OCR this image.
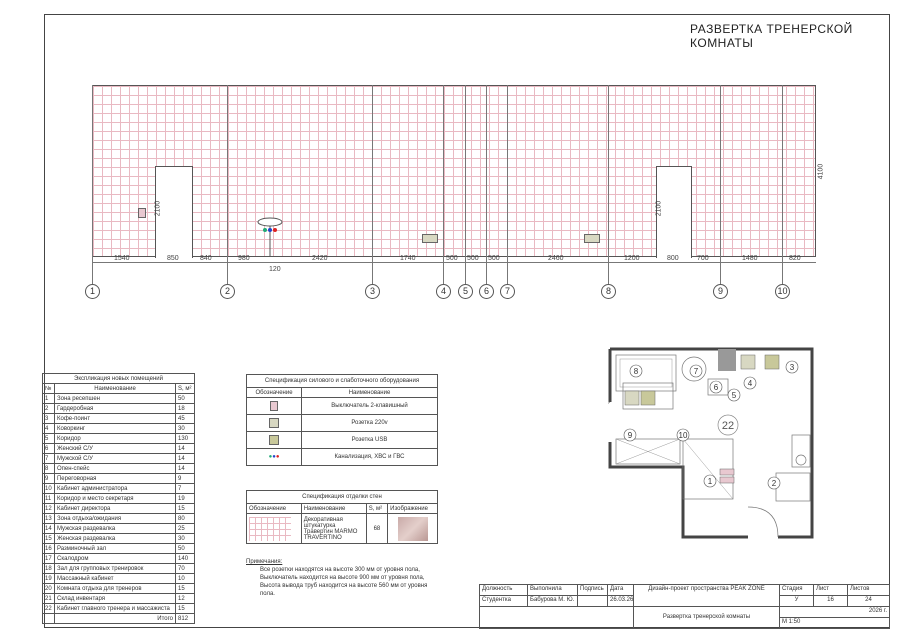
РАЗВЕРТКА ТРЕНЕРСКОЙ КОМНАТЫ
2100	2100
4100
120
1540	850	840	980	2420	1740	500 500 500	2460	1200	800	700	1480	820
1	2	3	4	5	6	7	8	9	10
Экспликация новых помещений		
№	Наименование	S, м²
1	Зона ресепшен	50
2	Гардеробная	18
3	Кофе-поинт	45
4	Коворкинг	30
5	Коридор	130
6	Женский С/У	14
7	Мужской С/У	14
8	Опен-спейс	14
9	Переговорная	9
10	Кабинет администратора	7
11	Коридор и место секретаря	19
12	Кабинет директора	15
13	Зона отдыха/ожидания	80
14	Мужская раздевалка	25
15	Женская раздевалка	30
16	Разминочный зал	50
17	Скалодром	140
18	Зал для групповых тренировок	70
19	Массажный кабинет	10
20	Комната отдыха для тренеров	15
21	Склад инвентаря	12
22	Кабинет главного тренера и массажиста	15
	Итого	812
Спецификация силового и слаботочного оборудования	
Обозначение	Наименование

	Выключатель 2-клавишный

	Розетка 220v

	Розетка USB
●●●	Канализация, ХВС и ГВС
Спецификация отделки стен			
Обозначение	Наименование	S, м²	Изображение

	Декоративная штукатурка Травертин MARMO TRAVERTINO	68	
Примечания:
Все розетки находятся на высоте 300 мм от уровня пола,
Выключатель находится на высоте 900 мм от уровня пола,
Высота вывода труб находится на высоте 560 мм от уровня пола.
22
8	7
6
5
4
3
9	10
1	2
Должность	Выполнила	Подпись	Дата
Студентка	Бабурова М. Ю.	26.03.26
Дизайн-проект пространства PEAK ZONE
Развертка тренерской комнаты
Стадия	Лист	Листов
У	16	24
2026 г.
М 1:50
